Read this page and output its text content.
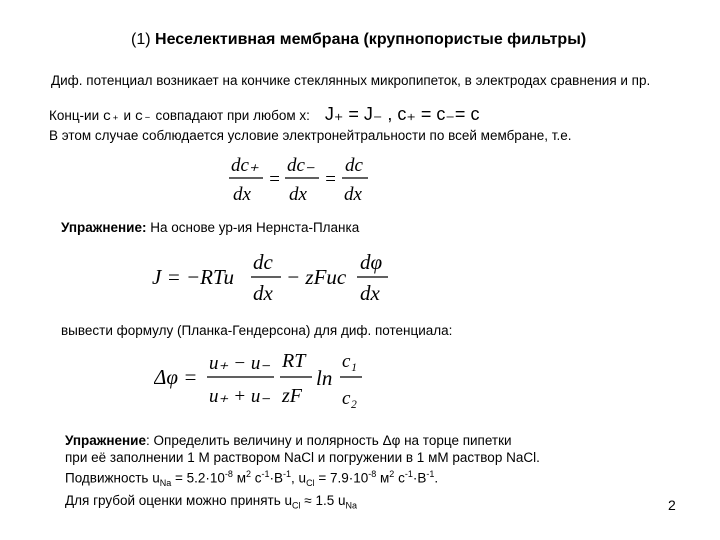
(1) Неселективная мембрана (крупнопористые фильтры)
Диф. потенциал возникает на кончике стеклянных микропипеток, в электродах сравнения и пр.
Конц-ии c₊ и c₋ совпадают при любом x: J₊ = J₋ , c₊ = c₋= c
В этом случае соблюдается условие электронейтральности по всей мембране, т.е.
dc₊
dx
=
dc₋
dx
=
dc
dx
Упражнение: На основе ур-ия Нернста-Планка
J = −RTu
dc
dx
− zFuc
dφ
dx
вывести формулу (Планка-Гендерсона) для диф. потенциала:
Δφ =
u₊ − u₋
u₊ + u₋
RT
zF
ln
c₁
c₂
Упражнение: Определить величину и полярность Δφ на торце пипетки
при её заполнении 1 М раствором NaCl и погружении в 1 мМ раствор NaCl.
Подвижность $u_{Na} = 5.2\cdot 10^{-8}$ $м^2$ $с^{-1}\cdot В^{-1}$, $u_{Cl} = 7.9\cdot 10^{-8}$ $м^2$ $с^{-1}\cdot В^{-1}$.
Для грубой оценки можно принять $u_{Cl} \approx 1.5$ $u_{Na}$	2
